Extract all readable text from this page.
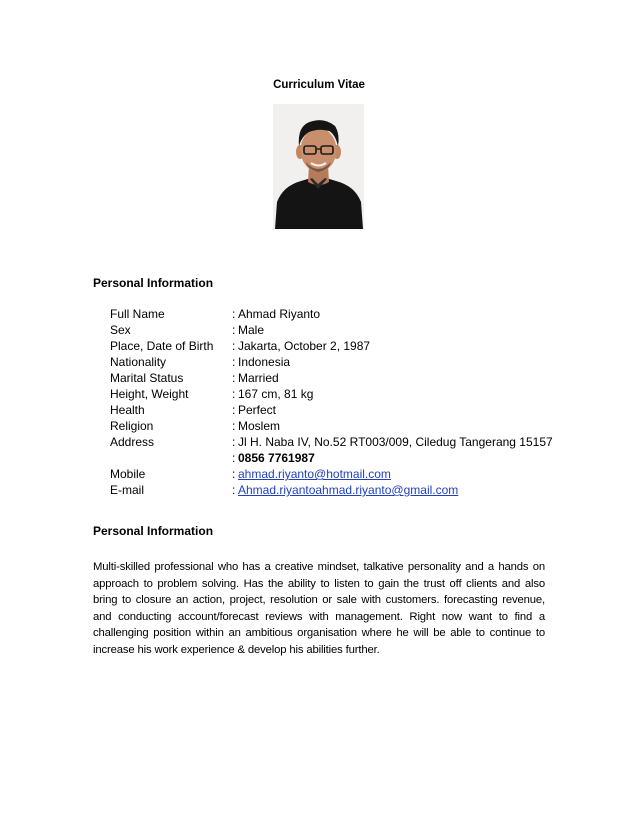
Curriculum Vitae
Personal Information
Full Name	:	Ahmad Riyanto
Sex	:	Male
Place, Date of Birth	:	Jakarta, October 2, 1987
Nationality	:	Indonesia
Marital Status	:	Married
Height, Weight	:	167 cm, 81 kg
Health	:	Perfect
Religion	:	Moslem
Address	:	Jl H. Naba IV, No.52 RT003/009, Ciledug Tangerang 15157
	:	0856 7761987
Mobile	:	ahmad.riyanto@hotmail.com
E-mail	:	Ahmad.riyantoahmad.riyanto@gmail.com
Personal Information

Multi-skilled professional who has a creative mindset, talkative personality and a hands on approach to problem solving. Has the ability to listen to gain the trust off clients and also bring to closure an action, project, resolution or sale with customers. forecasting revenue, and conducting account/forecast reviews with management. Right now want to find a challenging position within an ambitious organisation where he will be able to continue to increase his work experience & develop his abilities further.
